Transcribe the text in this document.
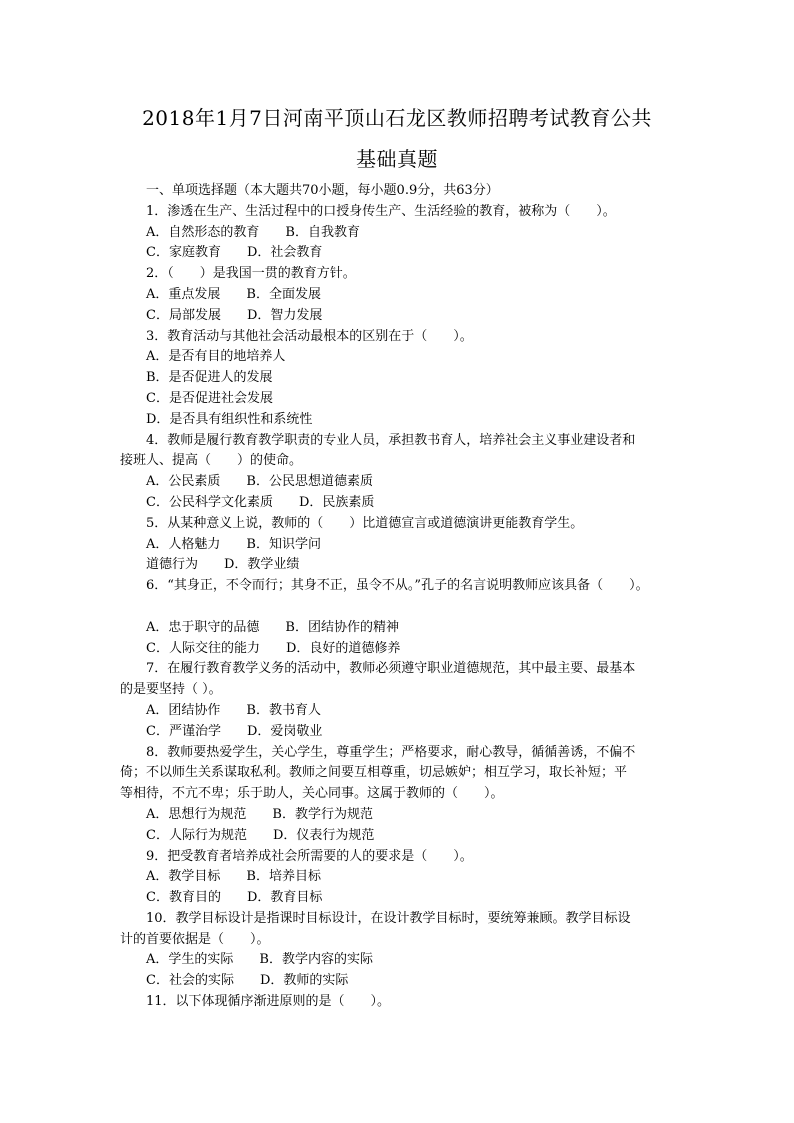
2018年1月7日河南平顶山石龙区教师招聘考试教育公共
基础真题
一、单项选择题（本大题共70小题，每小题0.9分，共63分）
1．渗透在生产、生活过程中的口授身传生产、生活经验的教育，被称为（　　）。
A．自然形态的教育　　B．自我教育
C．家庭教育　　D．社会教育
2．（　　）是我国一贯的教育方针。
A．重点发展　　B．全面发展
C．局部发展　　D．智力发展
3．教育活动与其他社会活动最根本的区别在于（　　）。
A．是否有目的地培养人
B．是否促进人的发展
C．是否促进社会发展
D．是否具有组织性和系统性
4．教师是履行教育教学职责的专业人员，承担教书育人，培养社会主义事业建设者和
接班人、提高（　　）的使命。
A．公民素质　　B．公民思想道德素质
C．公民科学文化素质　　D．民族素质
5．从某种意义上说，教师的（　　）比道德宣言或道德演讲更能教育学生。
A．人格魅力　　B．知识学问
道德行为　　D．教学业绩
6．“其身正，不令而行；其身不正，虽令不从。”孔子的名言说明教师应该具备（　　）。
A．忠于职守的品德　　B．团结协作的精神
C．人际交往的能力　　D．良好的道德修养
7．在履行教育教学义务的活动中，教师必须遵守职业道德规范，其中最主要、最基本
的是要坚持（ ）。
A．团结协作　　B．教书育人
C．严谨治学　　D．爱岗敬业
8．教师要热爱学生，关心学生，尊重学生；严格要求，耐心教导，循循善诱，不偏不
倚；不以师生关系谋取私利。教师之间要互相尊重，切忌嫉妒；相互学习，取长补短；平
等相待，不亢不卑；乐于助人，关心同事。这属于教师的（　　）。
A．思想行为规范　　B．教学行为规范
C．人际行为规范　　D．仪表行为规范
9．把受教育者培养成社会所需要的人的要求是（　　）。
A．教学目标　　B．培养目标
C．教育目的　　D．教育目标
10．教学目标设计是指课时目标设计，在设计教学目标时，要统筹兼顾。教学目标设
计的首要依据是（　　）。
A．学生的实际　　B．教学内容的实际
C．社会的实际　　D．教师的实际
11．以下体现循序渐进原则的是（　　）。
